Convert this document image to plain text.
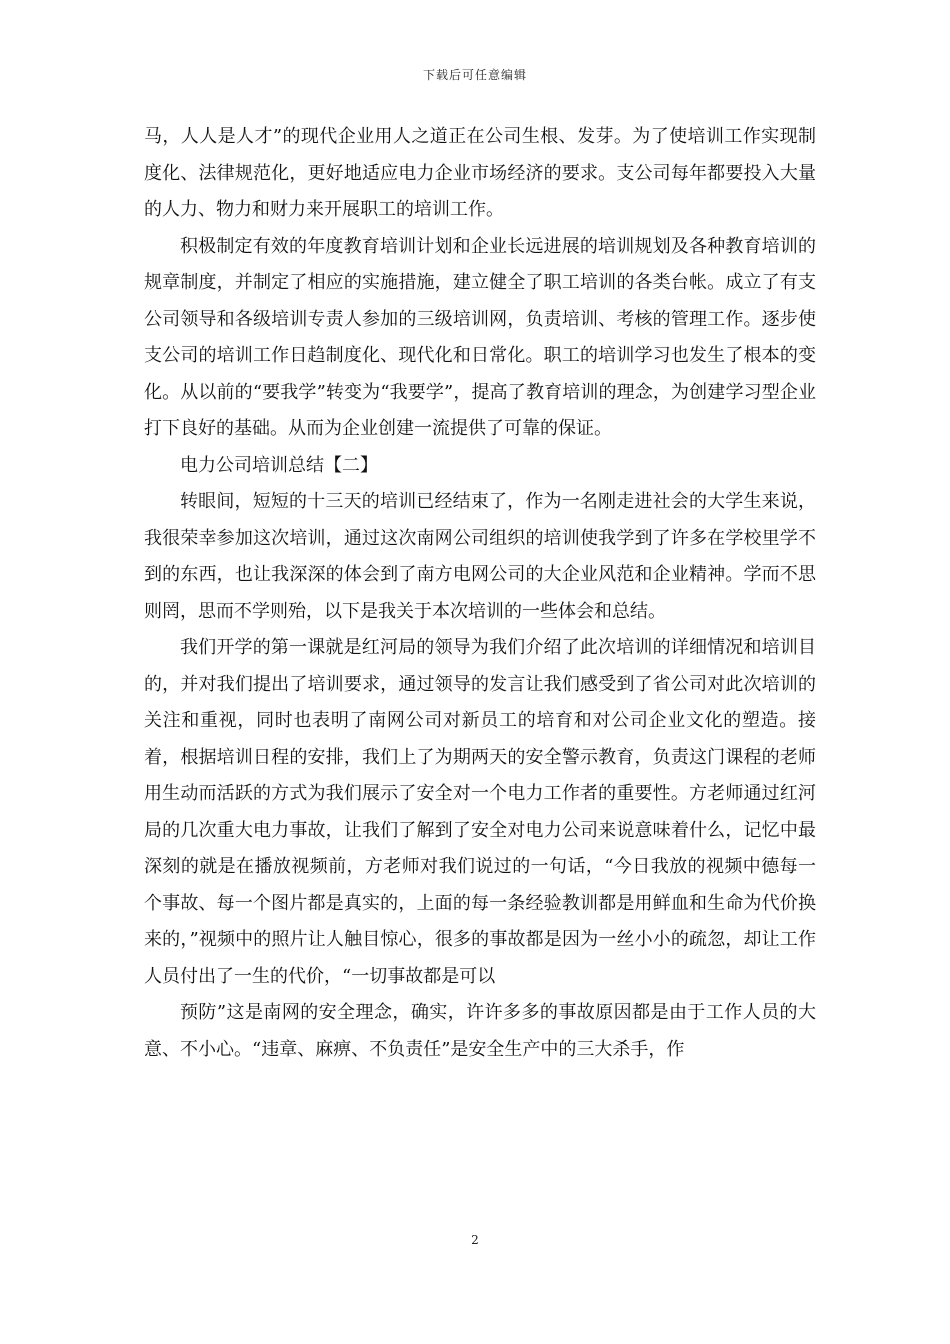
下载后可任意编辑

马，人人是人才”的现代企业用人之道正在公司生根、发芽。为了使培训工作实现制度化、法律规范化，更好地适应电力企业市场经济的要求。支公司每年都要投入大量的人力、物力和财力来开展职工的培训工作。

积极制定有效的年度教育培训计划和企业长远进展的培训规划及各种教育培训的规章制度，并制定了相应的实施措施，建立健全了职工培训的各类台帐。成立了有支公司领导和各级培训专责人参加的三级培训网，负责培训、考核的管理工作。逐步使支公司的培训工作日趋制度化、现代化和日常化。职工的培训学习也发生了根本的变化。从以前的“要我学”转变为“我要学”，提高了教育培训的理念，为创建学习型企业打下良好的基础。从而为企业创建一流提供了可靠的保证。

电力公司培训总结【二】

转眼间，短短的十三天的培训已经结束了，作为一名刚走进社会的大学生来说，我很荣幸参加这次培训，通过这次南网公司组织的培训使我学到了许多在学校里学不到的东西，也让我深深的体会到了南方电网公司的大企业风范和企业精神。学而不思则罔，思而不学则殆，以下是我关于本次培训的一些体会和总结。

我们开学的第一课就是红河局的领导为我们介绍了此次培训的详细情况和培训目的，并对我们提出了培训要求，通过领导的发言让我们感受到了省公司对此次培训的关注和重视，同时也表明了南网公司对新员工的培育和对公司企业文化的塑造。接着，根据培训日程的安排，我们上了为期两天的安全警示教育，负责这门课程的老师用生动而活跃的方式为我们展示了安全对一个电力工作者的重要性。方老师通过红河局的几次重大电力事故，让我们了解到了安全对电力公司来说意味着什么，记忆中最深刻的就是在播放视频前，方老师对我们说过的一句话，“今日我放的视频中德每一个事故、每一个图片都是真实的，上面的每一条经验教训都是用鲜血和生命为代价换来的，”视频中的照片让人触目惊心，很多的事故都是因为一丝小小的疏忽，却让工作人员付出了一生的代价，“一切事故都是可以

预防”这是南网的安全理念，确实，许许多多的事故原因都是由于工作人员的大意、不小心。“违章、麻痹、不负责任”是安全生产中的三大杀手，作

2
